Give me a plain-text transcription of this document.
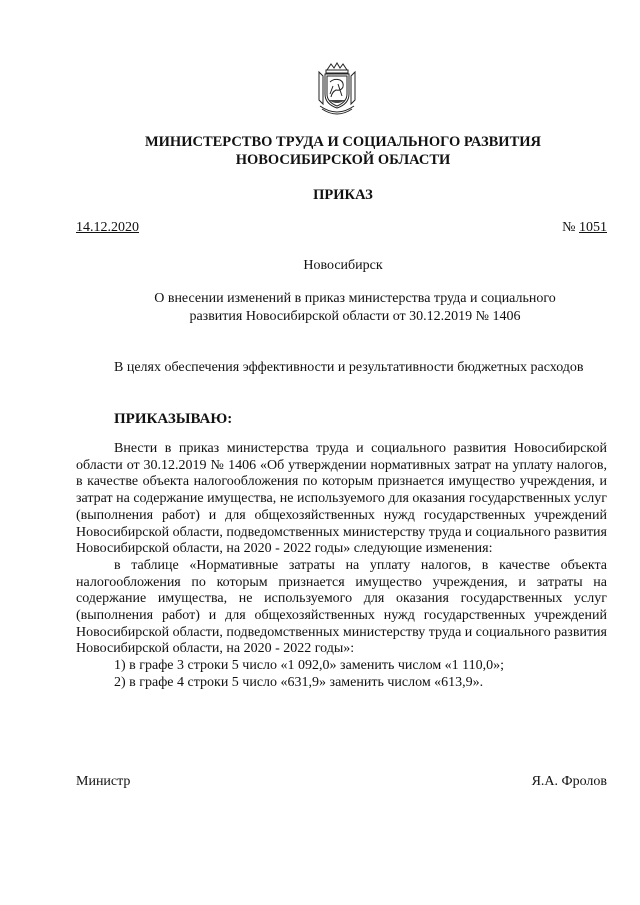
МИНИСТЕРСТВО ТРУДА И СОЦИАЛЬНОГО РАЗВИТИЯ
НОВОСИБИРСКОЙ ОБЛАСТИ
ПРИКАЗ
14.12.2020	№ 1051
Новосибирск
О внесении изменений в приказ министерства труда и социального
развития Новосибирской области от 30.12.2019 № 1406

В целях обеспечения эффективности и результативности бюджетных расходов

ПРИКАЗЫВАЮ:

Внести в приказ министерства труда и социального развития Новосибирской области от 30.12.2019 № 1406 «Об утверждении нормативных затрат на уплату налогов, в качестве объекта налогообложения по которым признается имущество учреждения, и затрат на содержание имущества, не используемого для оказания государственных услуг (выполнения работ) и для общехозяйственных нужд государственных учреждений Новосибирской области, подведомственных министерству труда и социального развития Новосибирской области, на 2020 - 2022 годы» следующие изменения:

в таблице «Нормативные затраты на уплату налогов, в качестве объекта налогообложения по которым признается имущество учреждения, и затраты на содержание имущества, не используемого для оказания государственных услуг (выполнения работ) и для общехозяйственных нужд государственных учреждений Новосибирской области, подведомственных министерству труда и социального развития Новосибирской области, на 2020 - 2022 годы»:

1) в графе 3 строки 5 число «1 092,0» заменить числом «1 110,0»;

2) в графе 4 строки 5 число «631,9» заменить числом «613,9».

Министр	Я.А. Фролов
